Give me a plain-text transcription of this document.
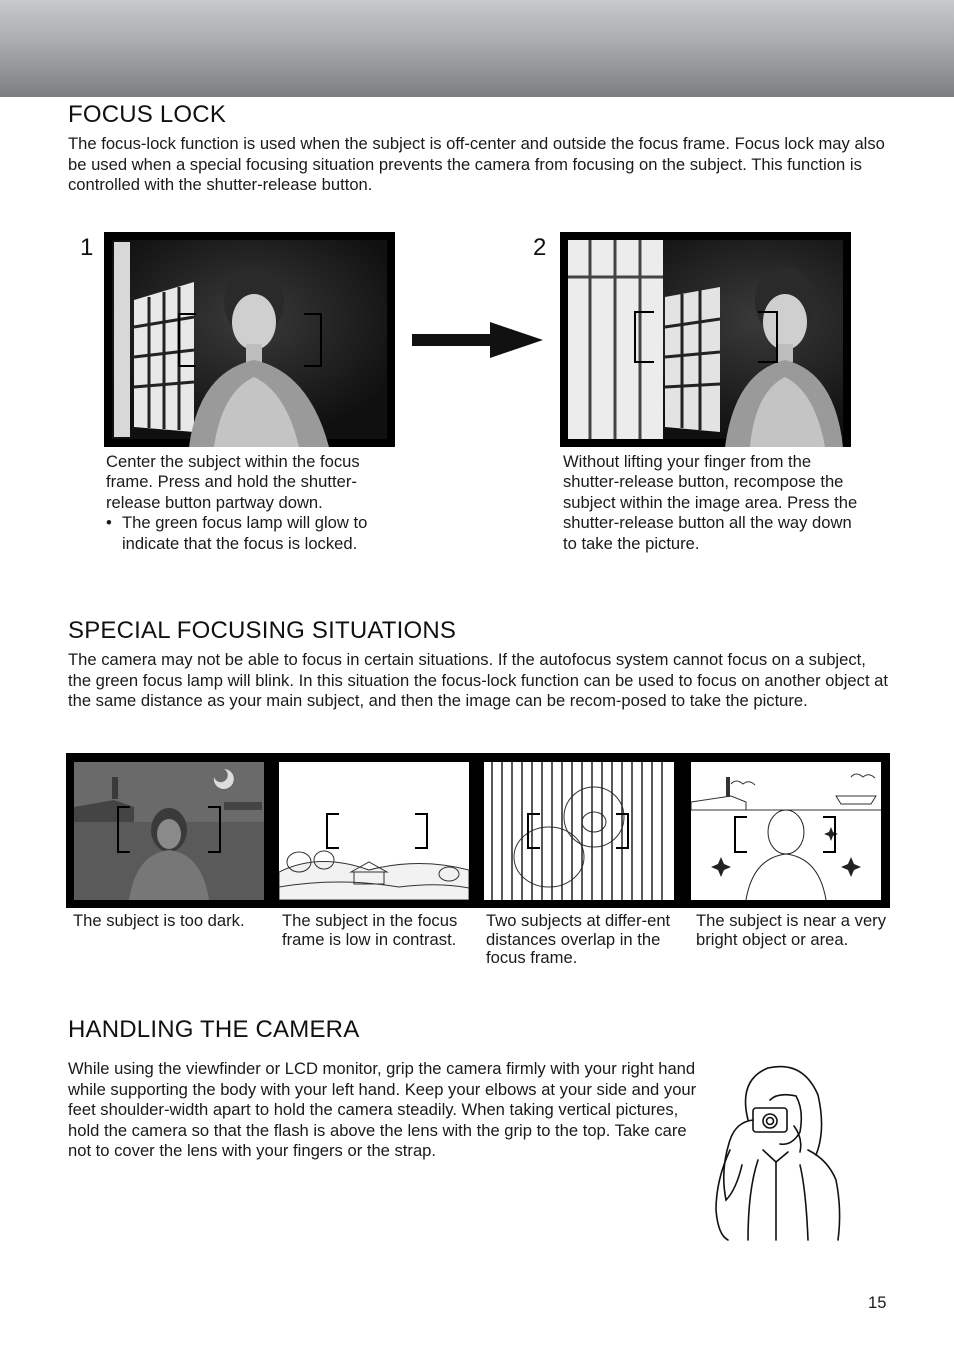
FOCUS LOCK

The focus-lock function is used when the subject is off-center and outside the focus frame. Focus lock may also be used when a special focusing situation prevents the camera from focusing on the subject. This function is controlled with the shutter-release button.

1	2
Center the subject within the focus frame. Press and hold the shutter-release button partway down.
• The green focus lamp will glow to indicate that the focus is locked.
Without lifting your finger from the shutter-release button, recompose the subject within the image area. Press the shutter-release button all the way down to take the picture.
SPECIAL FOCUSING SITUATIONS

The camera may not be able to focus in certain situations. If the autofocus system cannot focus on a subject, the green focus lamp will blink. In this situation the focus-lock function can be used to focus on another object at the same distance as your main subject, and then the image can be recom-posed to take the picture.

The subject is too dark.	The subject in the focus frame is low in contrast.

Two subjects at differ-ent distances overlap in the focus frame.

The subject is near a very bright object or area.

HANDLING THE CAMERA

While using the viewfinder or LCD monitor, grip the camera firmly with your right hand while supporting the body with your left hand. Keep your elbows at your side and your feet shoulder-width apart to hold the camera steadily. When taking vertical pictures, hold the camera so that the flash is above the lens with the grip to the top. Take care not to cover the lens with your fingers or the strap.

15
